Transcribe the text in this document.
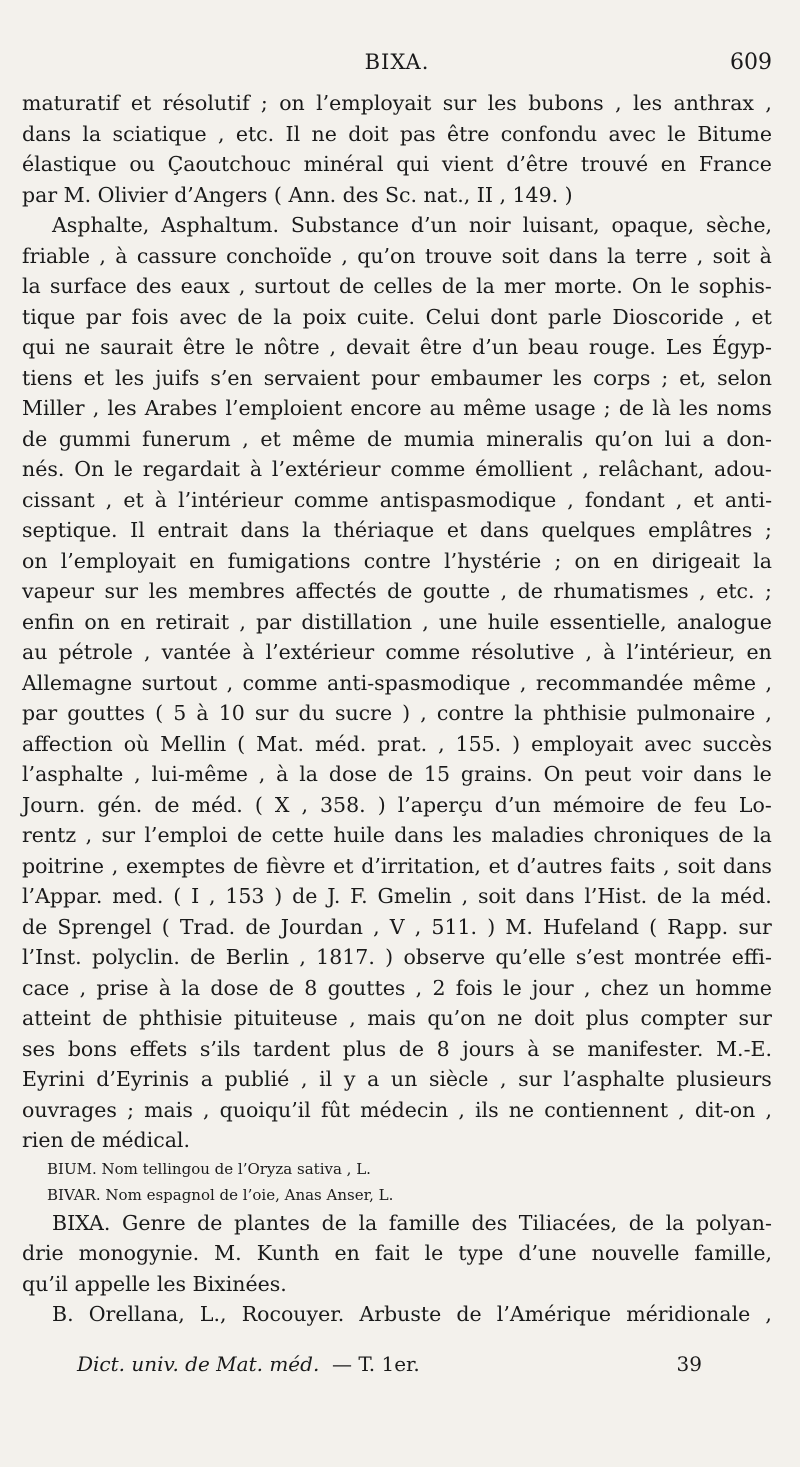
BIXA.	609
maturatif et résolutif ; on l’employait sur les bubons , les anthrax ,
dans la sciatique , etc. Il ne doit pas être confondu avec le Bitume
élastique ou Çaoutchouc minéral qui vient d’être trouvé en France
par M. Olivier d’Angers ( Ann. des Sc. nat., II , 149. )
Asphalte, Asphaltum. Substance d’un noir luisant, opaque, sèche,
friable , à cassure conchoïde , qu’on trouve soit dans la terre , soit à
la surface des eaux , surtout de celles de la mer morte. On le sophis-
tique par fois avec de la poix cuite. Celui dont parle Dioscoride , et
qui ne saurait être le nôtre , devait être d’un beau rouge. Les Égyp-
tiens et les juifs s’en servaient pour embaumer les corps ; et, selon
Miller , les Arabes l’emploient encore au même usage ; de là les noms
de gummi funerum , et même de mumia mineralis qu’on lui a don-
nés. On le regardait à l’extérieur comme émollient , relâchant, adou-
cissant , et à l’intérieur comme antispasmodique , fondant , et anti-
septique. Il entrait dans la thériaque et dans quelques emplâtres ;
on l’employait en fumigations contre l’hystérie ; on en dirigeait la
vapeur sur les membres affectés de goutte , de rhumatismes , etc. ;
enfin on en retirait , par distillation , une huile essentielle, analogue
au pétrole , vantée à l’extérieur comme résolutive , à l’intérieur, en
Allemagne surtout , comme anti-spasmodique , recommandée même ,
par gouttes ( 5 à 10 sur du sucre ) , contre la phthisie pulmonaire ,
affection où Mellin ( Mat. méd. prat. , 155. ) employait avec succès
l’asphalte , lui-même , à la dose de 15 grains. On peut voir dans le
Journ. gén. de méd. ( X , 358. ) l’aperçu d’un mémoire de feu Lo-
rentz , sur l’emploi de cette huile dans les maladies chroniques de la
poitrine , exemptes de fièvre et d’irritation, et d’autres faits , soit dans
l’Appar. med. ( I , 153 ) de J. F. Gmelin , soit dans l’Hist. de la méd.
de Sprengel ( Trad. de Jourdan , V , 511. ) M. Hufeland ( Rapp. sur
l’Inst. polyclin. de Berlin , 1817. ) observe qu’elle s’est montrée effi-
cace , prise à la dose de 8 gouttes , 2 fois le jour , chez un homme
atteint de phthisie pituiteuse , mais qu’on ne doit plus compter sur
ses bons effets s’ils tardent plus de 8 jours à se manifester. M.-E.
Eyrini d’Eyrinis a publié , il y a un siècle , sur l’asphalte plusieurs
ouvrages ; mais , quoiqu’il fût médecin , ils ne contiennent , dit-on ,
rien de médical.
BIUM. Nom tellingou de l’Oryza sativa , L.
BIVAR. Nom espagnol de l’oie, Anas Anser, L.
BIXA. Genre de plantes de la famille des Tiliacées, de la polyan-
drie monogynie. M. Kunth en fait le type d’une nouvelle famille,
qu’il appelle les Bixinées.
B. Orellana, L., Rocouyer. Arbuste de l’Amérique méridionale ,
Dict. univ. de Mat. méd. — T. 1er.	39
